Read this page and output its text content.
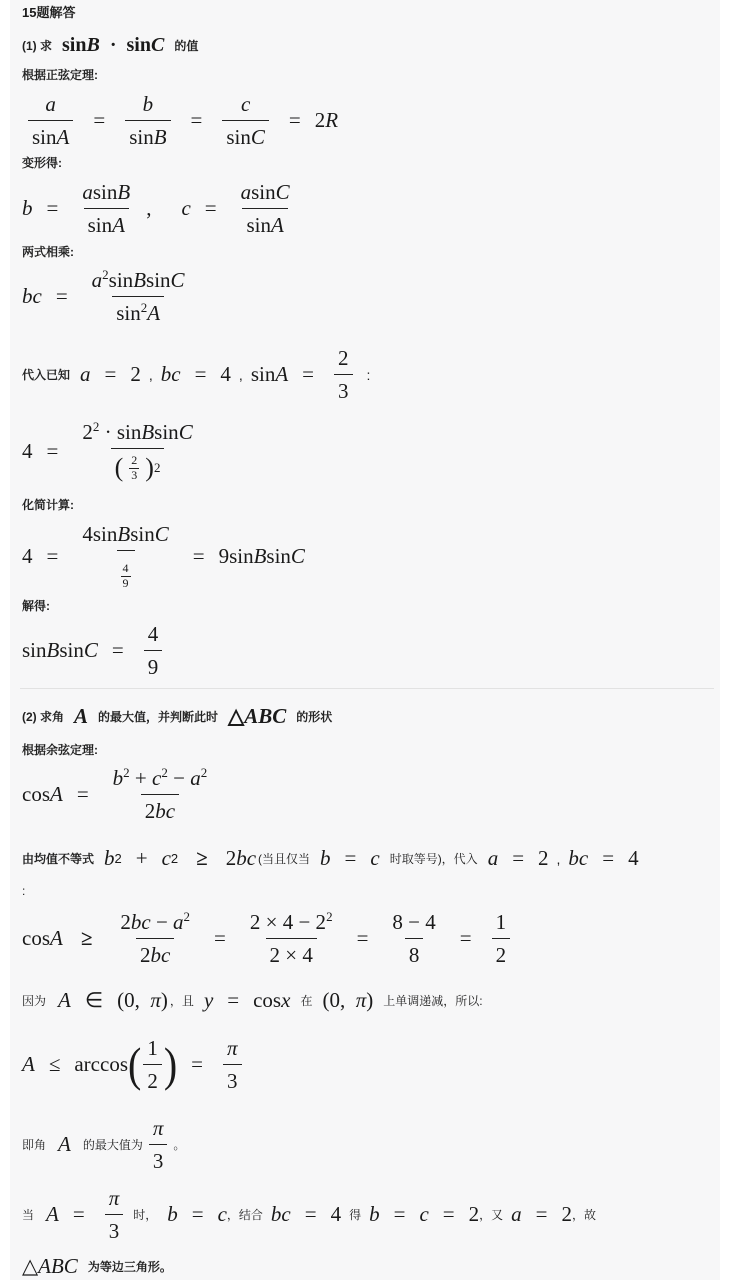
15题解答
(1) 求 sinB  ·  sinC 的值
根据正弦定理:
$\frac{a}{\sin A} = \frac{b}{\sin B} = \frac{c}{\sin C} = 2R$
变形得:
$b = \frac{asinB}{\sin A}$ , $c = \frac{asinC}{\sin A}$
两式相乘:
bc = $\frac{a^2sinBsinC}{\sin^2A}$
代入已知 a = 2 , bc = 4 , $\sin A = \frac{2}{3}$ :
$4 = \frac{2^2 \cdot sinBsinC}{( \frac{2}{3} ) 2}$
化简计算:
$4 = \frac{\text{4sinBsinC}}{\frac{4}{9}}$ = 9sinBsinC
解得:
sinBsinC = $\frac{4}{9}$
(2) 求角 A 的最大值，并判断此时 △ABC 的形状
根据余弦定理:
$\cos A = \frac{b^2 + c^2 - a^2}{2bc}$
由均值不等式 b 2 + c 2 ≥ 2bc (当且仅当 b = c 时取等号)，代入 a = 2 , bc = 4
:
$\cos A \ge \frac{2bc - a^2}{2bc} = \frac{2 \times 4 - 2^2}{2 \times 4} = \frac{8 - 4}{8} = \frac{1}{2}$
因为 A ∈ (0,  π) ，且 y = cosx 在 (0,  π) 上单调递减，所以:
A ≤ arccos ( $\frac{1}{2}$ ) = $\frac{\pi}{3}$
即角 A 的最大值为 $\frac{\pi}{3}$ 。
当 $A = \frac{\pi}{3}$ 时， b = c ，结合 bc = 4 得 b = c = 2 ，又 a = 2 ，故
△ABC 为等边三角形。
